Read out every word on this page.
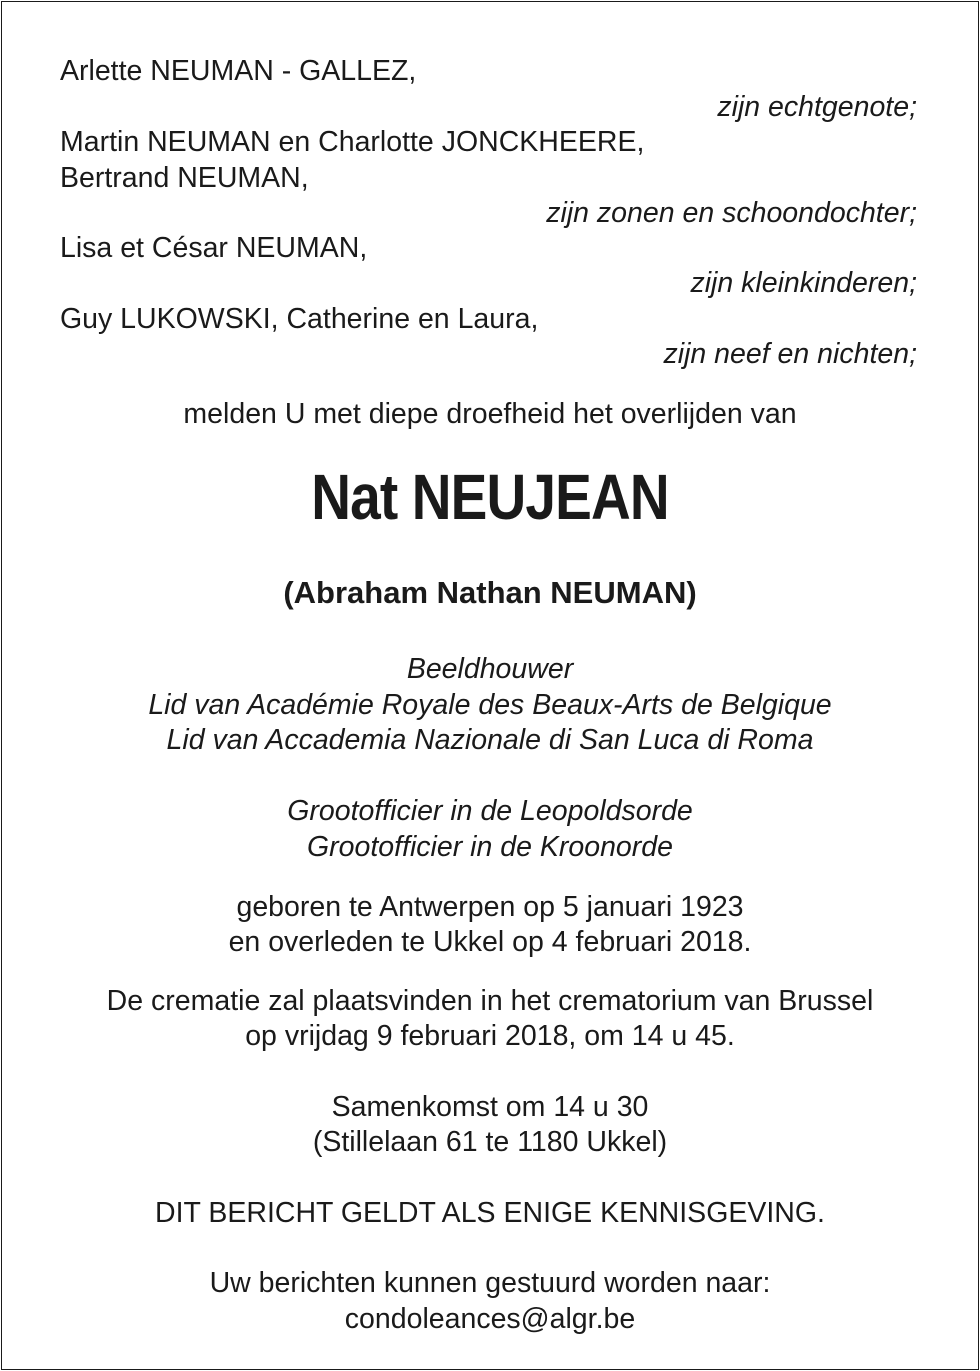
Arlette NEUMAN - GALLEZ,

zijn echtgenote;

Martin NEUMAN en Charlotte JONCKHEERE,

Bertrand NEUMAN,

zijn zonen en schoondochter;

Lisa et César NEUMAN,

zijn kleinkinderen;

Guy LUKOWSKI, Catherine en Laura,

zijn neef en nichten;

melden U met diepe droefheid het overlijden van

Nat NEUJEAN

(Abraham Nathan NEUMAN)

Beeldhouwer

Lid van Académie Royale des Beaux-Arts de Belgique

Lid van Accademia Nazionale di San Luca di Roma

Grootofficier in de Leopoldsorde

Grootofficier in de Kroonorde

geboren te Antwerpen op 5 januari 1923

en overleden te Ukkel op 4 februari 2018.

De crematie zal plaatsvinden in het crematorium van Brussel

op vrijdag 9 februari 2018, om 14 u 45.

Samenkomst om 14 u 30

(Stillelaan 61 te 1180 Ukkel)

DIT BERICHT GELDT ALS ENIGE KENNISGEVING.

Uw berichten kunnen gestuurd worden naar:

condoleances@algr.be
